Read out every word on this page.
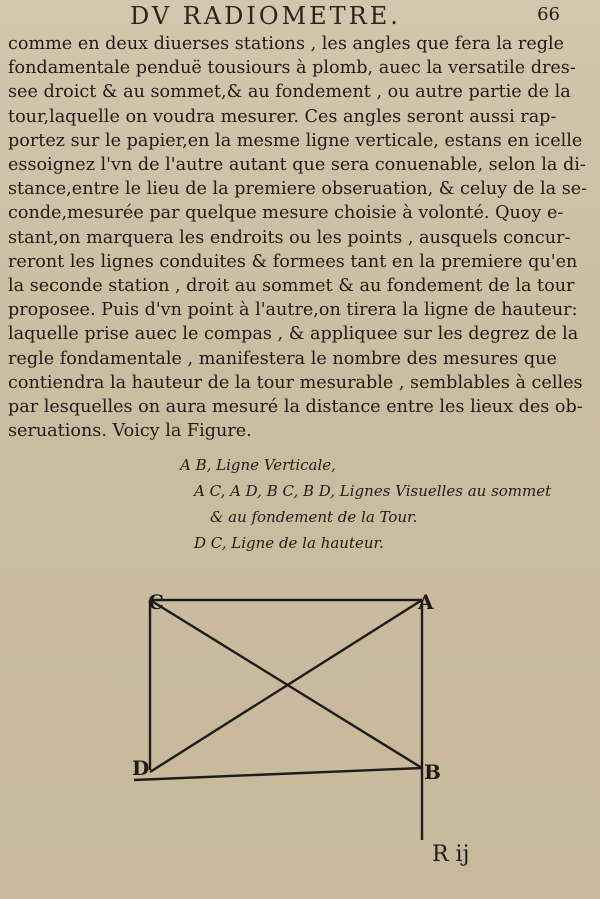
DV RADIOMETRE.	66

comme en deux diuerses stations , les angles que fera la regle
fondamentale penduë tousiours à plomb, auec la versatile dres-
see droict & au sommet,& au fondement , ou autre partie de la
tour,laquelle on voudra mesurer. Ces angles seront aussi rap-
portez sur le papier,en la mesme ligne verticale, estans en icelle
essoignez l'vn de l'autre autant que sera conuenable, selon la di-
stance,entre le lieu de la premiere obseruation, & celuy de la se-
conde,mesurée par quelque mesure choisie à volonté. Quoy e-
stant,on marquera les endroits ou les points , ausquels concur-
reront les lignes conduites & formees tant en la premiere qu'en
la seconde station , droit au sommet & au fondement de la tour
proposee. Puis d'vn point à l'autre,on tirera la ligne de hauteur:
laquelle prise auec le compas , & appliquee sur les degrez de la
regle fondamentale , manifestera le nombre des mesures que
contiendra la hauteur de la tour mesurable , semblables à celles
par lesquelles on aura mesuré la distance entre les lieux des ob-
seruations. Voicy la Figure.

A B, Ligne Verticale,
A C, A D, B C, B D, Lignes Visuelles au sommet
& au fondement de la Tour.
D C, Ligne de la hauteur.
C	A
D	B
R ij
